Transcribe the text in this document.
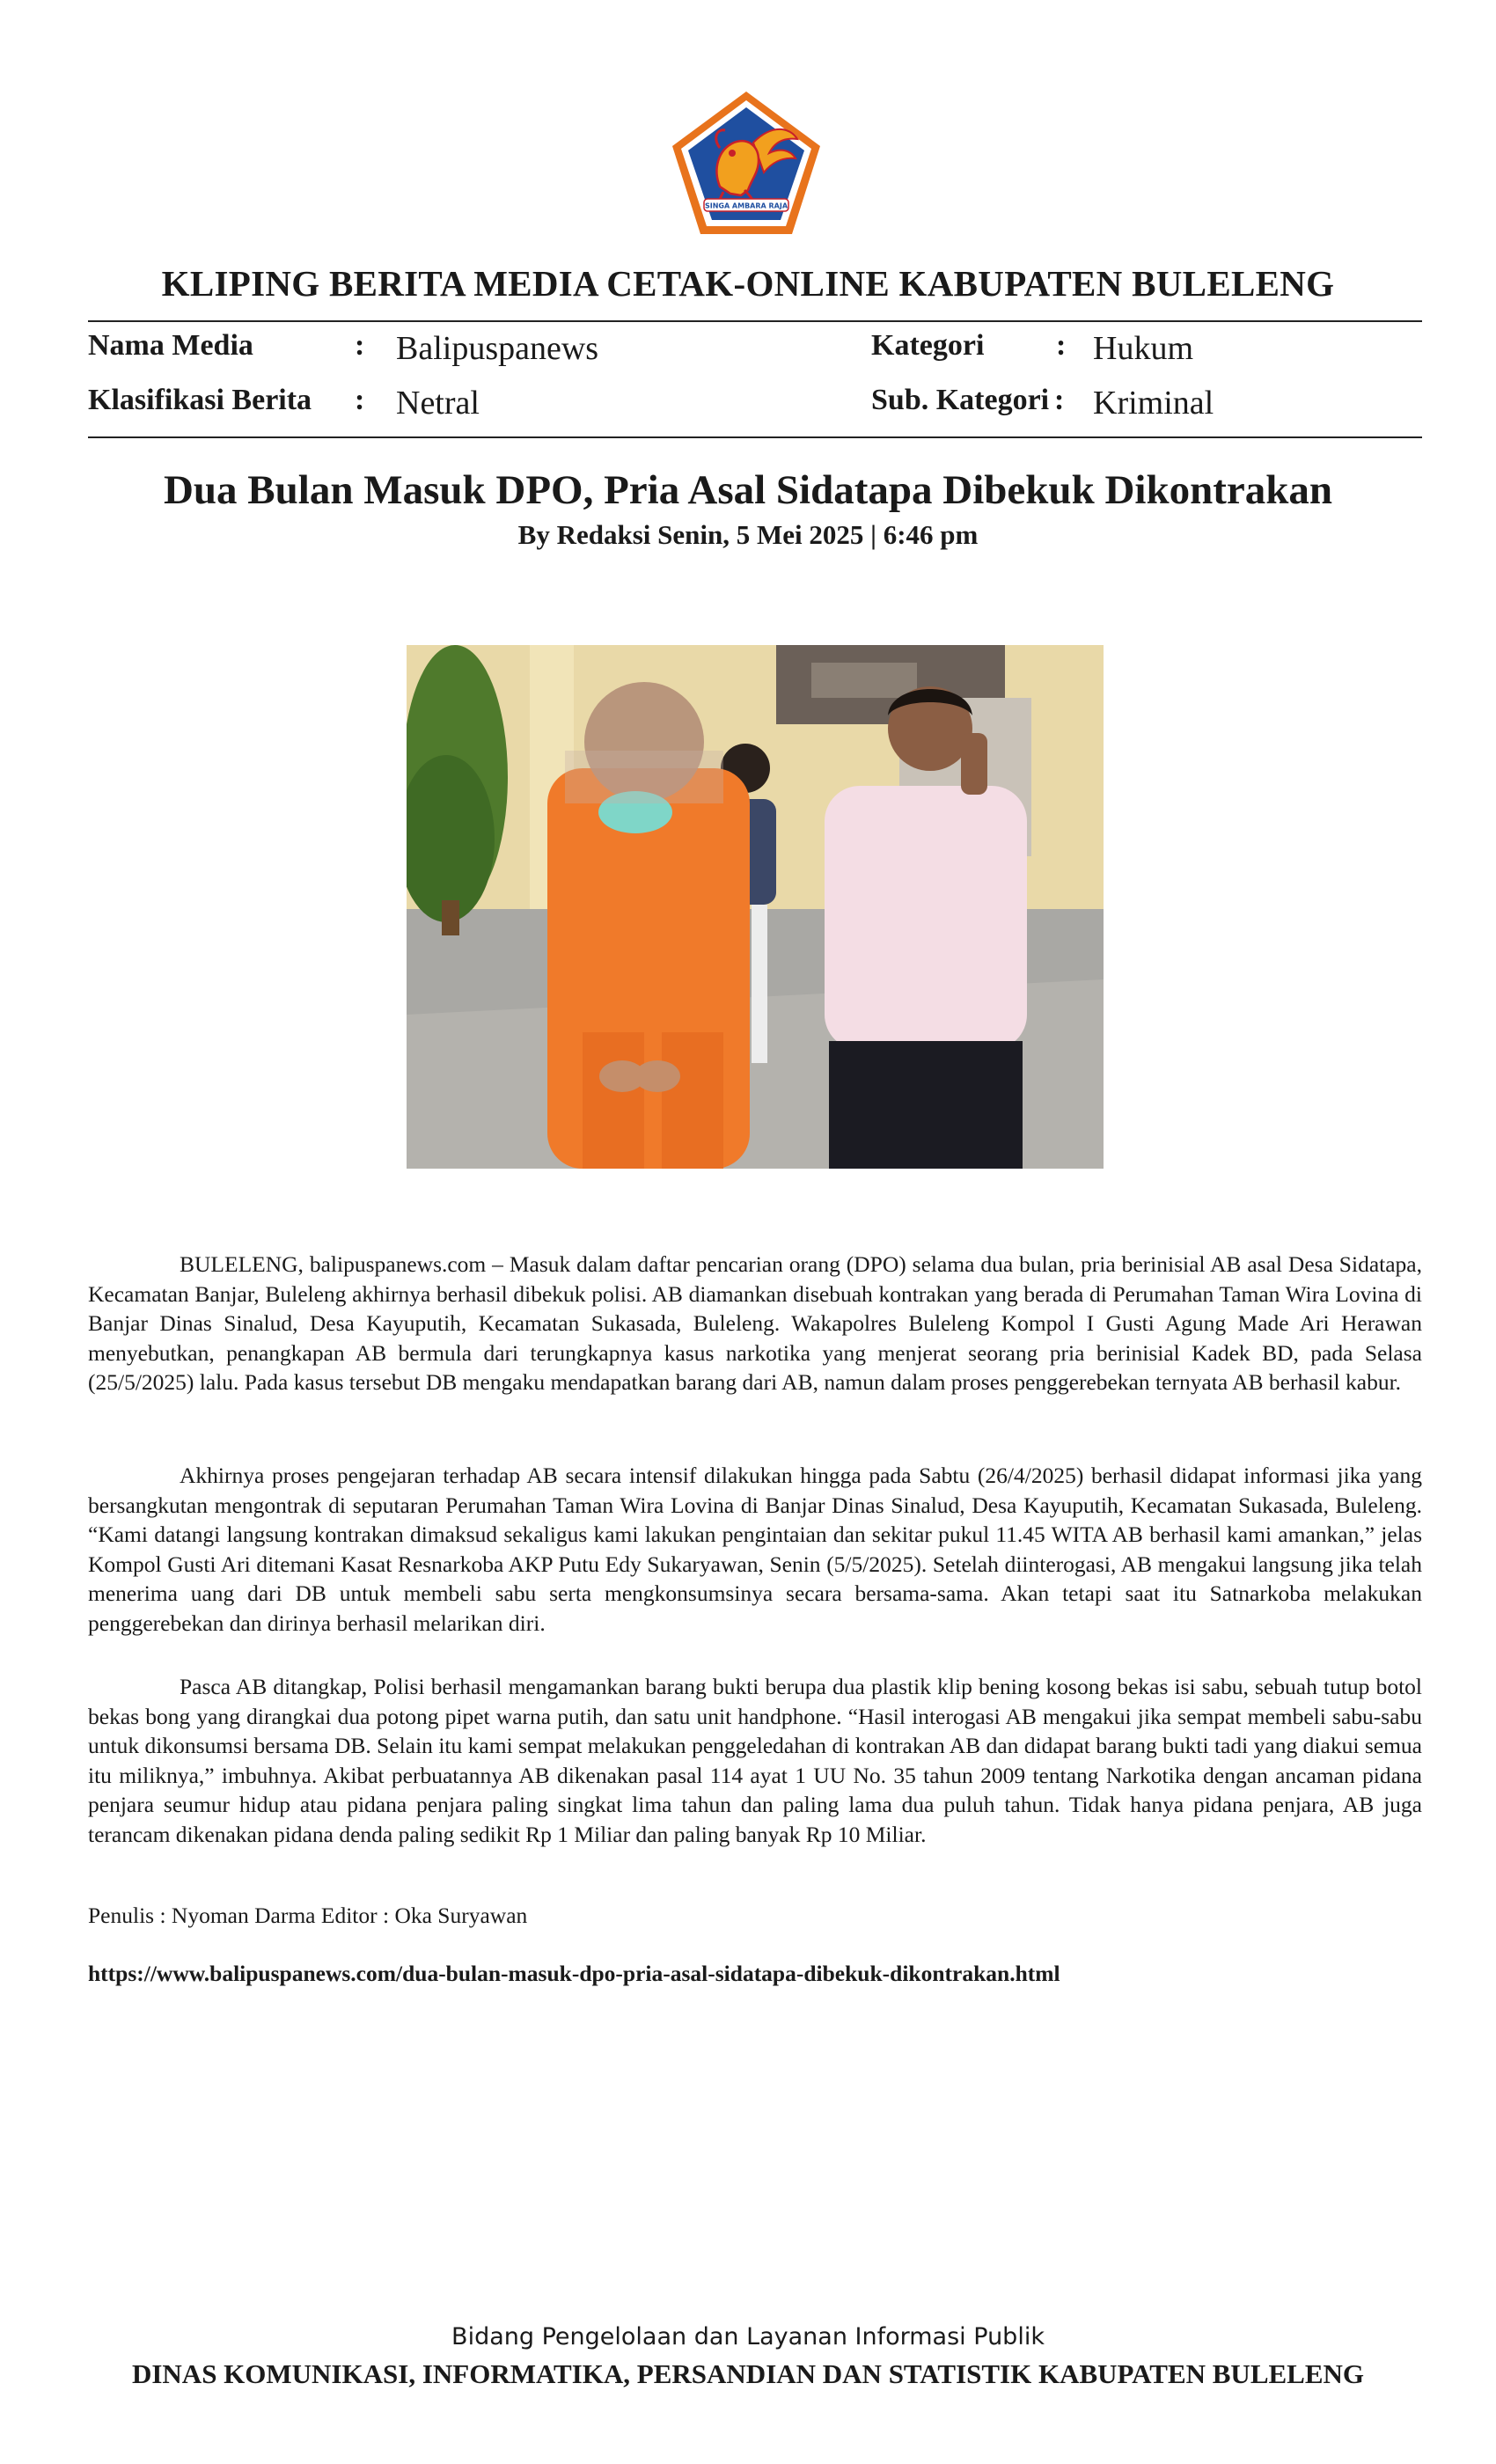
SINGA AMBARA RAJA
KLIPING BERITA MEDIA CETAK-ONLINE KABUPATEN BULELENG
Nama Media	: Balipuspanews	Kategori : Hukum
Klasifikasi Berita : Netral	Sub. Kategori : Kriminal
Dua Bulan Masuk DPO, Pria Asal Sidatapa Dibekuk Dikontrakan
By Redaksi Senin, 5 Mei 2025 | 6:46 pm
BULELENG, balipuspanews.com – Masuk dalam daftar pencarian orang (DPO) selama dua bulan, pria berinisial AB asal Desa Sidatapa, Kecamatan Banjar, Buleleng akhirnya berhasil dibekuk polisi. AB diamankan disebuah kontrakan yang berada di Perumahan Taman Wira Lovina di Banjar Dinas Sinalud, Desa Kayuputih, Kecamatan Sukasada, Buleleng. Wakapolres Buleleng Kompol I Gusti Agung Made Ari Herawan menyebutkan, penangkapan AB bermula dari terungkapnya kasus narkotika yang menjerat seorang pria berinisial Kadek BD, pada Selasa (25/5/2025) lalu. Pada kasus tersebut DB mengaku mendapatkan barang dari AB, namun dalam proses penggerebekan ternyata AB berhasil kabur.
Akhirnya proses pengejaran terhadap AB secara intensif dilakukan hingga pada Sabtu (26/4/2025) berhasil didapat informasi jika yang bersangkutan mengontrak di seputaran Perumahan Taman Wira Lovina di Banjar Dinas Sinalud, Desa Kayuputih, Kecamatan Sukasada, Buleleng. “Kami datangi langsung kontrakan dimaksud sekaligus kami lakukan pengintaian dan sekitar pukul 11.45 WITA AB berhasil kami amankan,” jelas Kompol Gusti Ari ditemani Kasat Resnarkoba AKP Putu Edy Sukaryawan, Senin (5/5/2025). Setelah diinterogasi, AB mengakui langsung jika telah menerima uang dari DB untuk membeli sabu serta mengkonsumsinya secara bersama-sama. Akan tetapi saat itu Satnarkoba melakukan penggerebekan dan dirinya berhasil melarikan diri.
Pasca AB ditangkap, Polisi berhasil mengamankan barang bukti berupa dua plastik klip bening kosong bekas isi sabu, sebuah tutup botol bekas bong yang dirangkai dua potong pipet warna putih, dan satu unit handphone. “Hasil interogasi AB mengakui jika sempat membeli sabu-sabu untuk dikonsumsi bersama DB. Selain itu kami sempat melakukan penggeledahan di kontrakan AB dan didapat barang bukti tadi yang diakui semua itu miliknya,” imbuhnya. Akibat perbuatannya AB dikenakan pasal 114 ayat 1 UU No. 35 tahun 2009 tentang Narkotika dengan ancaman pidana penjara seumur hidup atau pidana penjara paling singkat lima tahun dan paling lama dua puluh tahun. Tidak hanya pidana penjara, AB juga terancam dikenakan pidana denda paling sedikit Rp 1 Miliar dan paling banyak Rp 10 Miliar.
Penulis : Nyoman Darma Editor : Oka Suryawan
https://www.balipuspanews.com/dua-bulan-masuk-dpo-pria-asal-sidatapa-dibekuk-dikontrakan.html
Bidang Pengelolaan dan Layanan Informasi Publik
DINAS KOMUNIKASI, INFORMATIKA, PERSANDIAN DAN STATISTIK KABUPATEN BULELENG
